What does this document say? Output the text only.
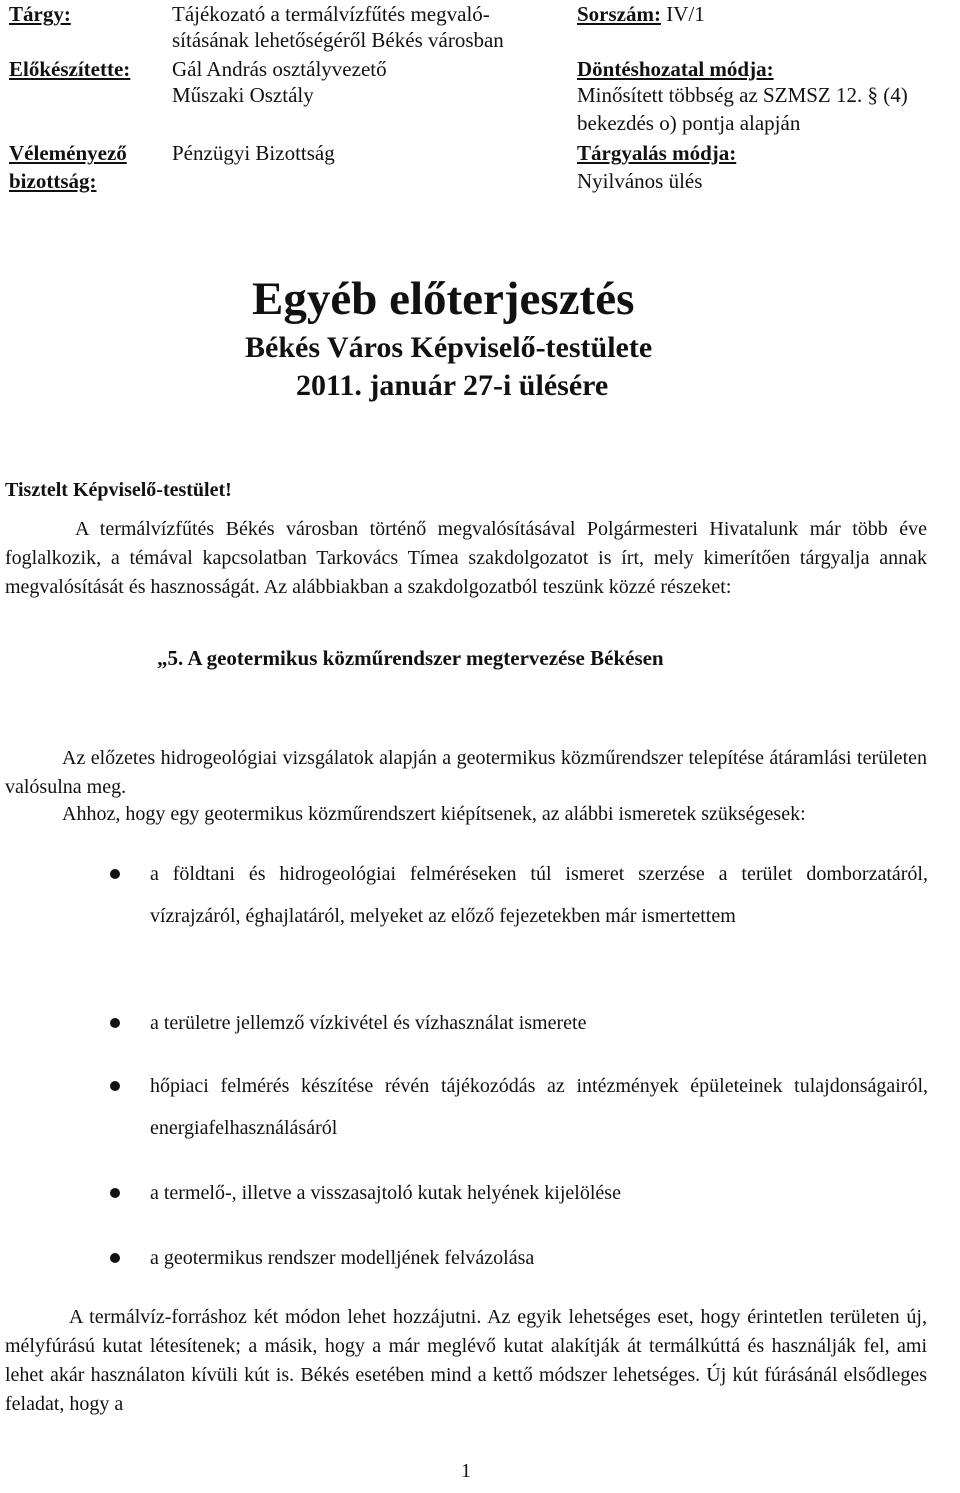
Tárgy:	Tájékozató a termálvízfűtés megvaló-
sításának lehetőségéről Békés városban
Előkészítette: Gál András osztályvezető
Műszaki Osztály
Véleményező
bizottság:
Pénzügyi Bizottság
Sorszám: IV/1
Döntéshozatal módja:
Minősített többség az SZMSZ 12. § (4)
bekezdés o) pontja alapján
Tárgyalás módja:
Nyilvános ülés
Egyéb előterjesztés
Békés Város Képviselő-testülete
2011. január 27-i ülésére
Tisztelt Képviselő-testület!
A termálvízfűtés Békés városban történő megvalósításával Polgármesteri Hivatalunk már több éve foglalkozik, a témával kapcsolatban Tarkovács Tímea szakdolgozatot is írt, mely kimerítően tárgyalja annak megvalósítását és hasznosságát. Az alábbiakban a szakdolgozatból teszünk közzé részeket:
„5. A geotermikus közműrendszer megtervezése Békésen
Az előzetes hidrogeológiai vizsgálatok alapján a geotermikus közműrendszer telepítése átáramlási területen valósulna meg.
Ahhoz, hogy egy geotermikus közműrendszert kiépítsenek, az alábbi ismeretek szükségesek:
a földtani és hidrogeológiai felméréseken túl ismeret szerzése a terület domborzatáról, vízrajzáról, éghajlatáról, melyeket az előző fejezetekben már ismertettem
a területre jellemző vízkivétel és vízhasználat ismerete
hőpiaci felmérés készítése révén tájékozódás az intézmények épületeinek tulajdonságairól, energiafelhasználásáról
a termelő-, illetve a visszasajtoló kutak helyének kijelölése
a geotermikus rendszer modelljének felvázolása
A termálvíz-forráshoz két módon lehet hozzájutni. Az egyik lehetséges eset, hogy érintetlen területen új, mélyfúrású kutat létesítenek; a másik, hogy a már meglévő kutat alakítják át termálkúttá és használják fel, ami lehet akár használaton kívüli kút is. Békés esetében mind a kettő módszer lehetséges. Új kút fúrásánál elsődleges feladat, hogy a
1
